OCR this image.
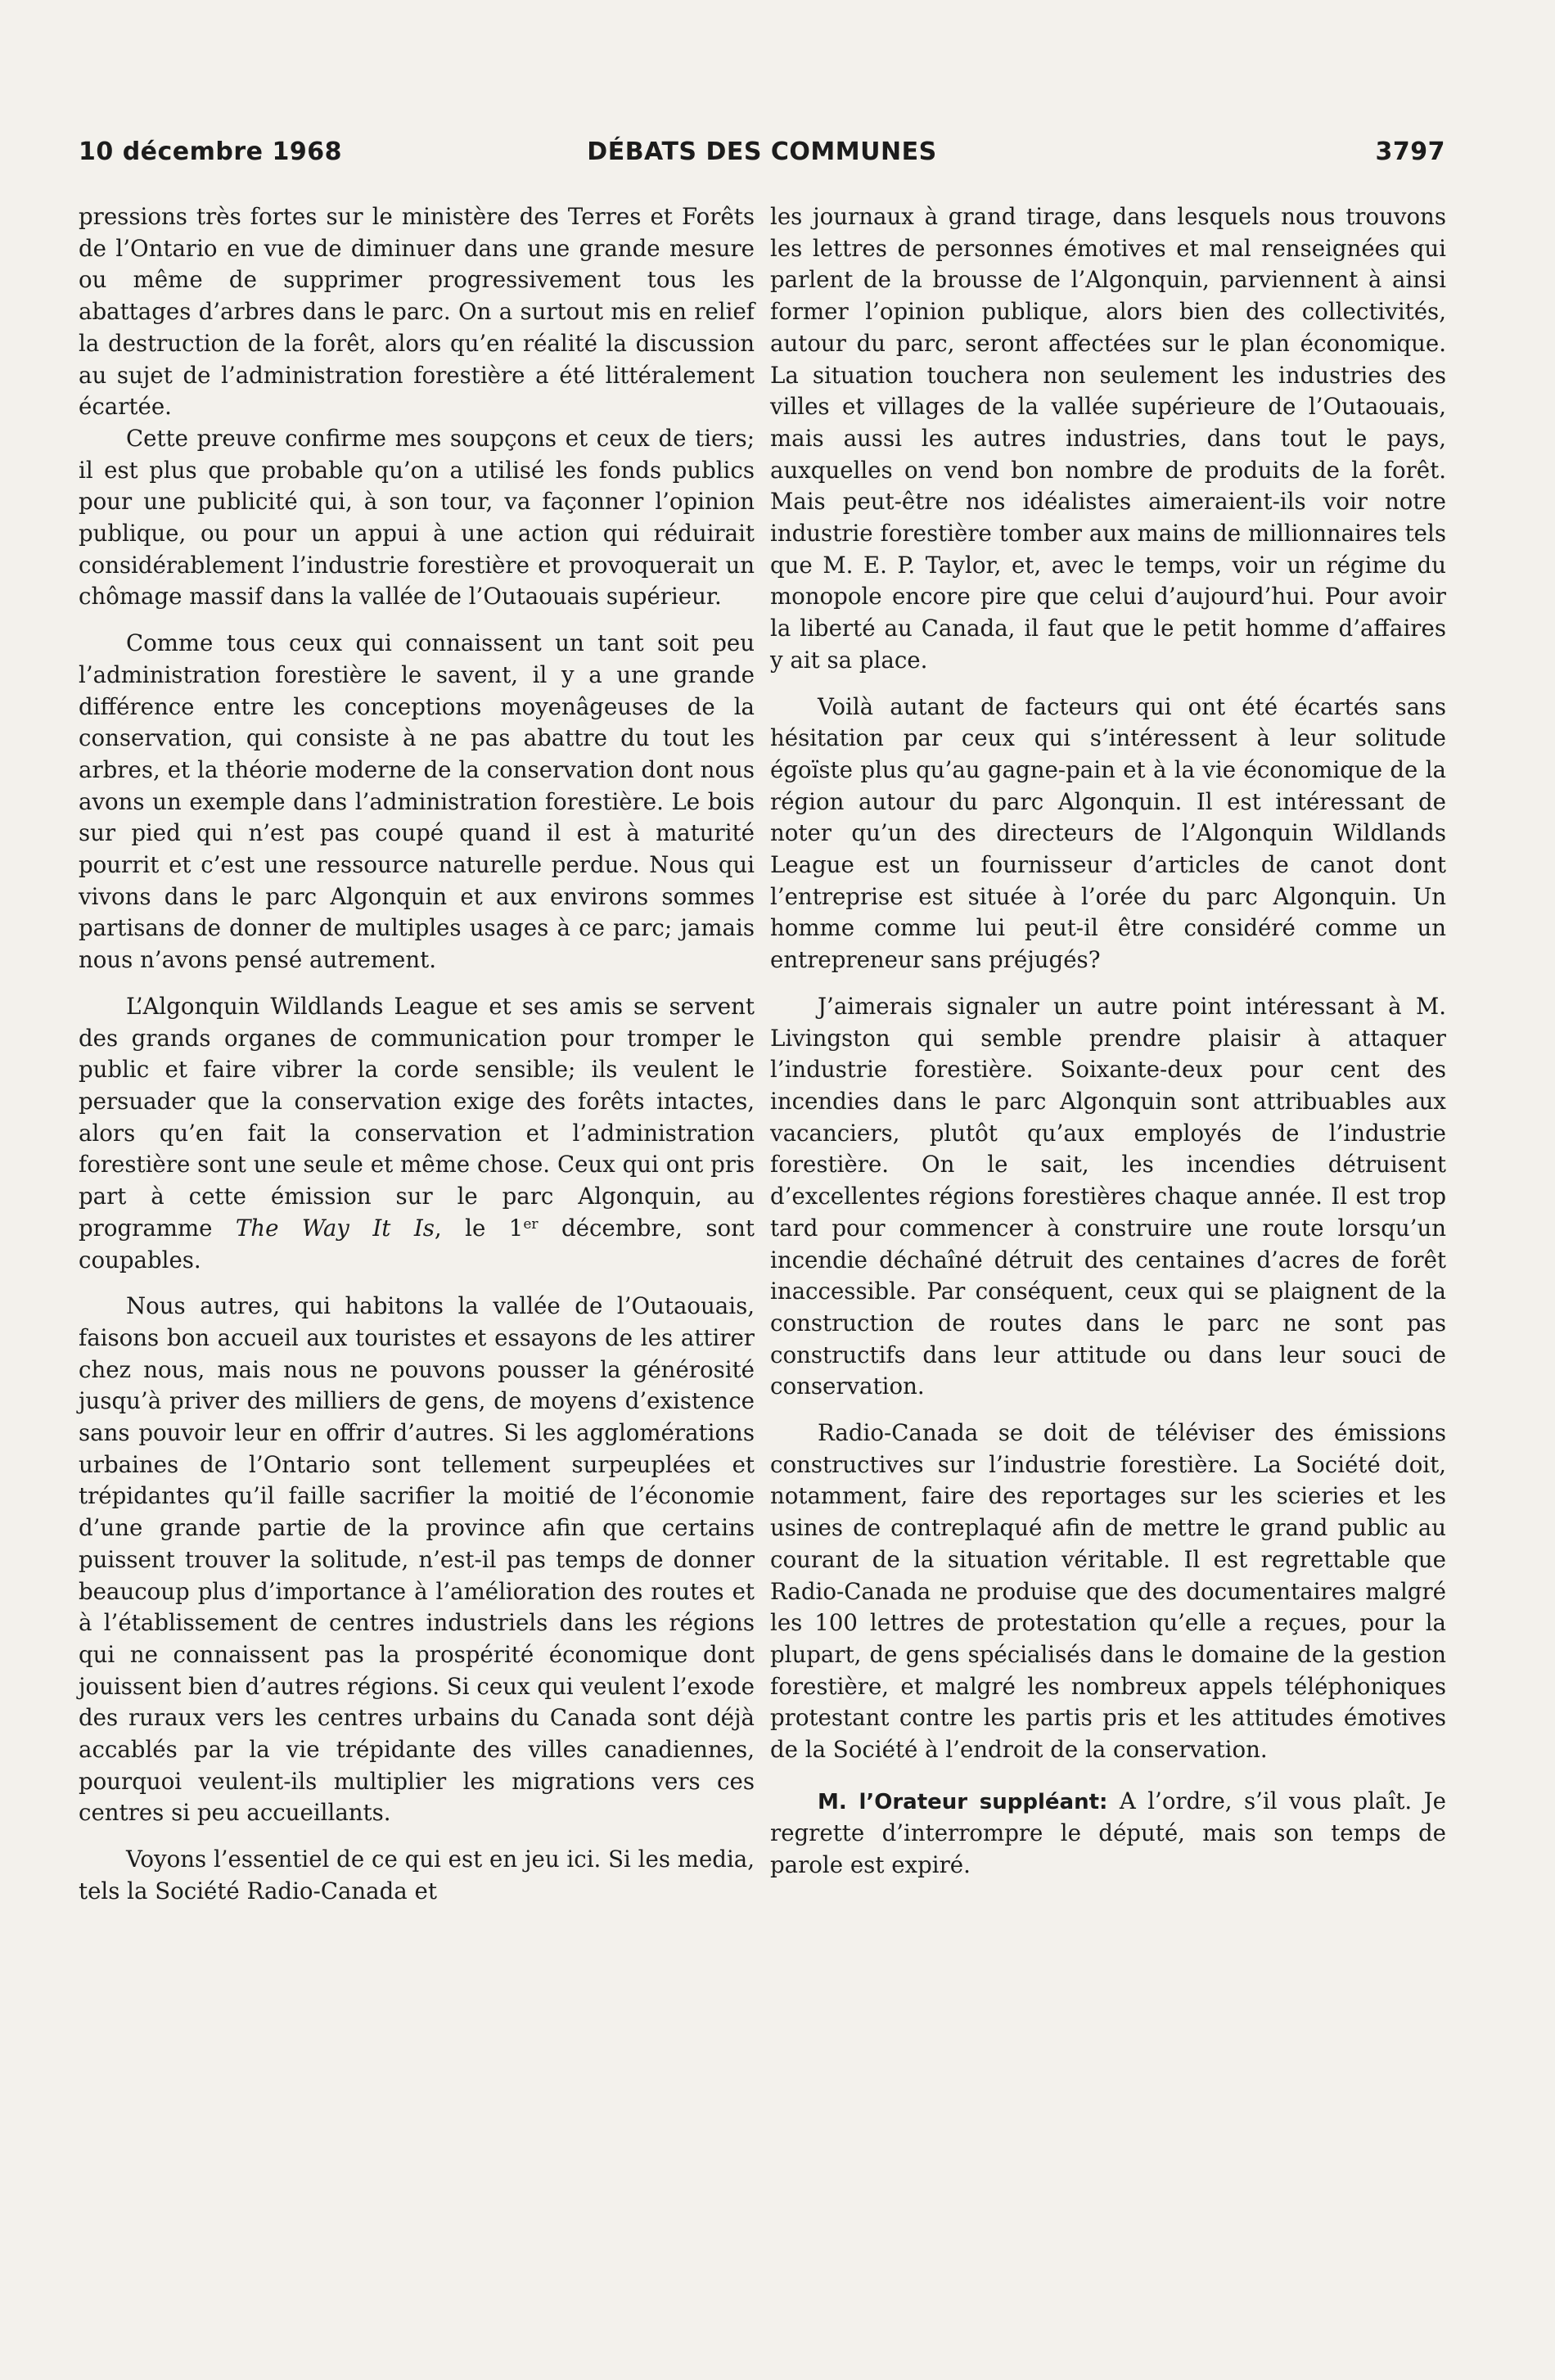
10 décembre 1968	DÉBATS DES COMMUNES	3797

pressions très fortes sur le ministère des Terres et Forêts de l’Ontario en vue de diminuer dans une grande mesure ou même de supprimer progressivement tous les abattages d’arbres dans le parc. On a surtout mis en relief la destruction de la forêt, alors qu’en réalité la discussion au sujet de l’administration forestière a été littéralement écartée.

Cette preuve confirme mes soupçons et ceux de tiers; il est plus que probable qu’on a utilisé les fonds publics pour une publicité qui, à son tour, va façonner l’opinion publique, ou pour un appui à une action qui réduirait considérablement l’industrie forestière et provoquerait un chômage massif dans la vallée de l’Outaouais supérieur.

Comme tous ceux qui connaissent un tant soit peu l’administration forestière le savent, il y a une grande différence entre les conceptions moyenâgeuses de la conservation, qui consiste à ne pas abattre du tout les arbres, et la théorie moderne de la conservation dont nous avons un exemple dans l’administration forestière. Le bois sur pied qui n’est pas coupé quand il est à maturité pourrit et c’est une ressource naturelle perdue. Nous qui vivons dans le parc Algonquin et aux environs sommes partisans de donner de multiples usages à ce parc; jamais nous n’avons pensé autrement.

L’Algonquin Wildlands League et ses amis se servent des grands organes de communication pour tromper le public et faire vibrer la corde sensible; ils veulent le persuader que la conservation exige des forêts intactes, alors qu’en fait la conservation et l’administration forestière sont une seule et même chose. Ceux qui ont pris part à cette émission sur le parc Algonquin, au programme The Way It Is, le 1er décembre, sont coupables.

Nous autres, qui habitons la vallée de l’Outaouais, faisons bon accueil aux touristes et essayons de les attirer chez nous, mais nous ne pouvons pousser la générosité jusqu’à priver des milliers de gens, de moyens d’existence sans pouvoir leur en offrir d’autres. Si les agglomérations urbaines de l’Ontario sont tellement surpeuplées et trépidantes qu’il faille sacrifier la moitié de l’économie d’une grande partie de la province afin que certains puissent trouver la solitude, n’est-il pas temps de donner beaucoup plus d’importance à l’amélioration des routes et à l’établissement de centres industriels dans les régions qui ne connaissent pas la prospérité économique dont jouissent bien d’autres régions. Si ceux qui veulent l’exode des ruraux vers les centres urbains du Canada sont déjà accablés par la vie trépidante des villes canadiennes, pourquoi veulent-ils multiplier les migrations vers ces centres si peu accueillants.

Voyons l’essentiel de ce qui est en jeu ici. Si les media, tels la Société Radio-Canada et

les journaux à grand tirage, dans lesquels nous trouvons les lettres de personnes émotives et mal renseignées qui parlent de la brousse de l’Algonquin, parviennent à ainsi former l’opinion publique, alors bien des collectivités, autour du parc, seront affectées sur le plan économique. La situation touchera non seulement les industries des villes et villages de la vallée supérieure de l’Outaouais, mais aussi les autres industries, dans tout le pays, auxquelles on vend bon nombre de produits de la forêt. Mais peut-être nos idéalistes aimeraient-ils voir notre industrie forestière tomber aux mains de millionnaires tels que M. E. P. Taylor, et, avec le temps, voir un régime du monopole encore pire que celui d’aujourd’hui. Pour avoir la liberté au Canada, il faut que le petit homme d’affaires y ait sa place.

Voilà autant de facteurs qui ont été écartés sans hésitation par ceux qui s’intéressent à leur solitude égoïste plus qu’au gagne-pain et à la vie économique de la région autour du parc Algonquin. Il est intéressant de noter qu’un des directeurs de l’Algonquin Wildlands League est un fournisseur d’articles de canot dont l’entreprise est située à l’orée du parc Algonquin. Un homme comme lui peut-il être considéré comme un entrepreneur sans préjugés?

J’aimerais signaler un autre point intéressant à M. Livingston qui semble prendre plaisir à attaquer l’industrie forestière. Soixante-deux pour cent des incendies dans le parc Algonquin sont attribuables aux vacanciers, plutôt qu’aux employés de l’industrie forestière. On le sait, les incendies détruisent d’excellentes régions forestières chaque année. Il est trop tard pour commencer à construire une route lorsqu’un incendie déchaîné détruit des centaines d’acres de forêt inaccessible. Par conséquent, ceux qui se plaignent de la construction de routes dans le parc ne sont pas constructifs dans leur attitude ou dans leur souci de conservation.

Radio-Canada se doit de téléviser des émissions constructives sur l’industrie forestière. La Société doit, notamment, faire des reportages sur les scieries et les usines de contreplaqué afin de mettre le grand public au courant de la situation véritable. Il est regrettable que Radio-Canada ne produise que des documentaires malgré les 100 lettres de protestation qu’elle a reçues, pour la plupart, de gens spécialisés dans le domaine de la gestion forestière, et malgré les nombreux appels téléphoniques protestant contre les partis pris et les attitudes émotives de la Société à l’endroit de la conservation.

M. l’Orateur suppléant: A l’ordre, s’il vous plaît. Je regrette d’interrompre le député, mais son temps de parole est expiré.
